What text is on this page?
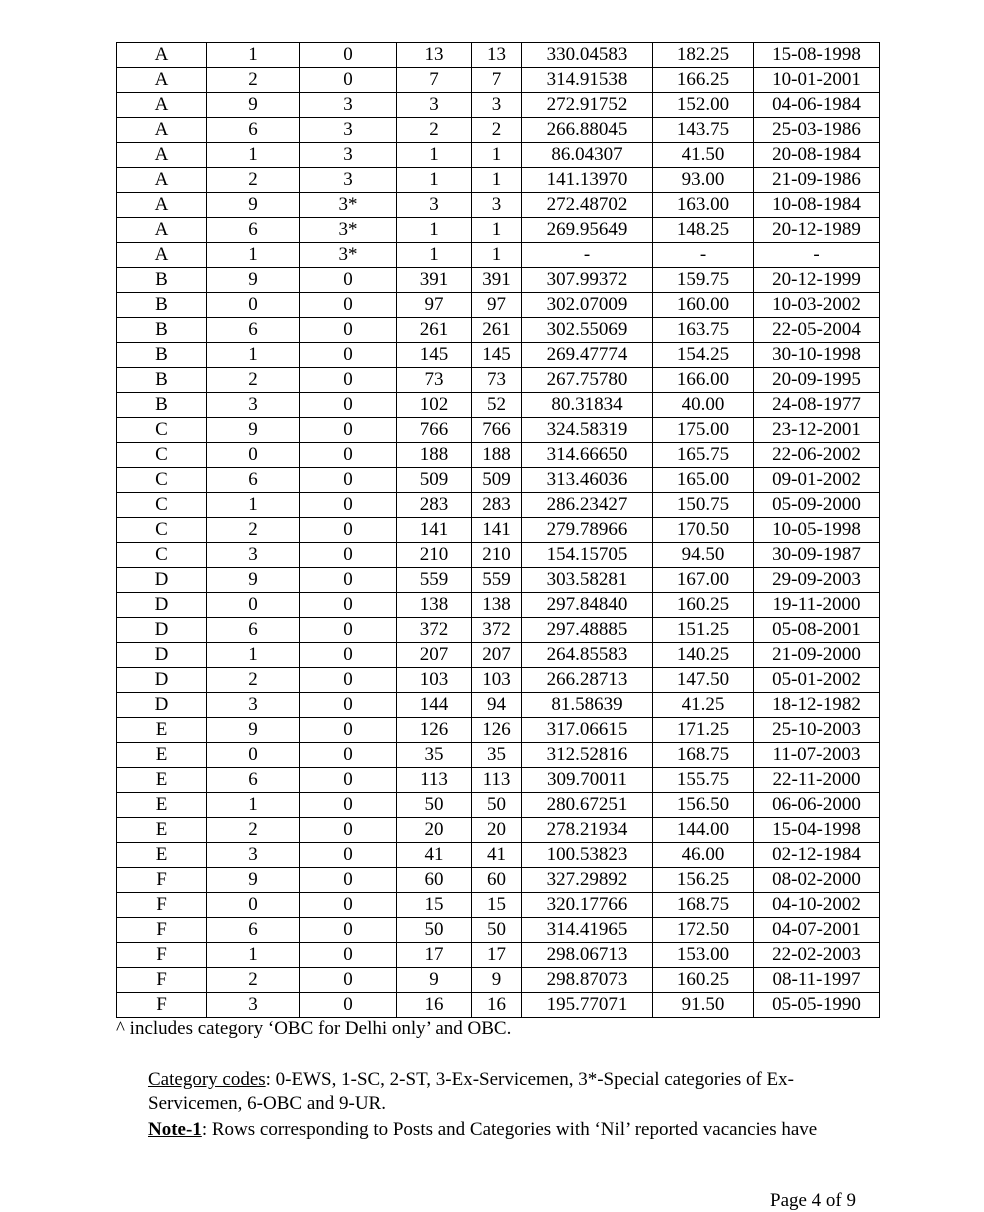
A	1	0	13	13	330.04583	182.25	15-08-1998
A	2	0	7	7	314.91538	166.25	10-01-2001
A	9	3	3	3	272.91752	152.00	04-06-1984
A	6	3	2	2	266.88045	143.75	25-03-1986
A	1	3	1	1	86.04307	41.50	20-08-1984
A	2	3	1	1	141.13970	93.00	21-09-1986
A	9	3*	3	3	272.48702	163.00	10-08-1984
A	6	3*	1	1	269.95649	148.25	20-12-1989
A	1	3*	1	1	-	-	-
B	9	0	391	391	307.99372	159.75	20-12-1999
B	0	0	97	97	302.07009	160.00	10-03-2002
B	6	0	261	261	302.55069	163.75	22-05-2004
B	1	0	145	145	269.47774	154.25	30-10-1998
B	2	0	73	73	267.75780	166.00	20-09-1995
B	3	0	102	52	80.31834	40.00	24-08-1977
C	9	0	766	766	324.58319	175.00	23-12-2001
C	0	0	188	188	314.66650	165.75	22-06-2002
C	6	0	509	509	313.46036	165.00	09-01-2002
C	1	0	283	283	286.23427	150.75	05-09-2000
C	2	0	141	141	279.78966	170.50	10-05-1998
C	3	0	210	210	154.15705	94.50	30-09-1987
D	9	0	559	559	303.58281	167.00	29-09-2003
D	0	0	138	138	297.84840	160.25	19-11-2000
D	6	0	372	372	297.48885	151.25	05-08-2001
D	1	0	207	207	264.85583	140.25	21-09-2000
D	2	0	103	103	266.28713	147.50	05-01-2002
D	3	0	144	94	81.58639	41.25	18-12-1982
E	9	0	126	126	317.06615	171.25	25-10-2003
E	0	0	35	35	312.52816	168.75	11-07-2003
E	6	0	113	113	309.70011	155.75	22-11-2000
E	1	0	50	50	280.67251	156.50	06-06-2000
E	2	0	20	20	278.21934	144.00	15-04-1998
E	3	0	41	41	100.53823	46.00	02-12-1984
F	9	0	60	60	327.29892	156.25	08-02-2000
F	0	0	15	15	320.17766	168.75	04-10-2002
F	6	0	50	50	314.41965	172.50	04-07-2001
F	1	0	17	17	298.06713	153.00	22-02-2003
F	2	0	9	9	298.87073	160.25	08-11-1997
F	3	0	16	16	195.77071	91.50	05-05-1990
^ includes category ‘OBC for Delhi only’ and OBC.

Category codes: 0-EWS, 1-SC, 2-ST, 3-Ex-Servicemen, 3*-Special categories of Ex-Servicemen, 6-OBC and 9-UR.

Note-1: Rows corresponding to Posts and Categories with ‘Nil’ reported vacancies have

Page 4 of 9
